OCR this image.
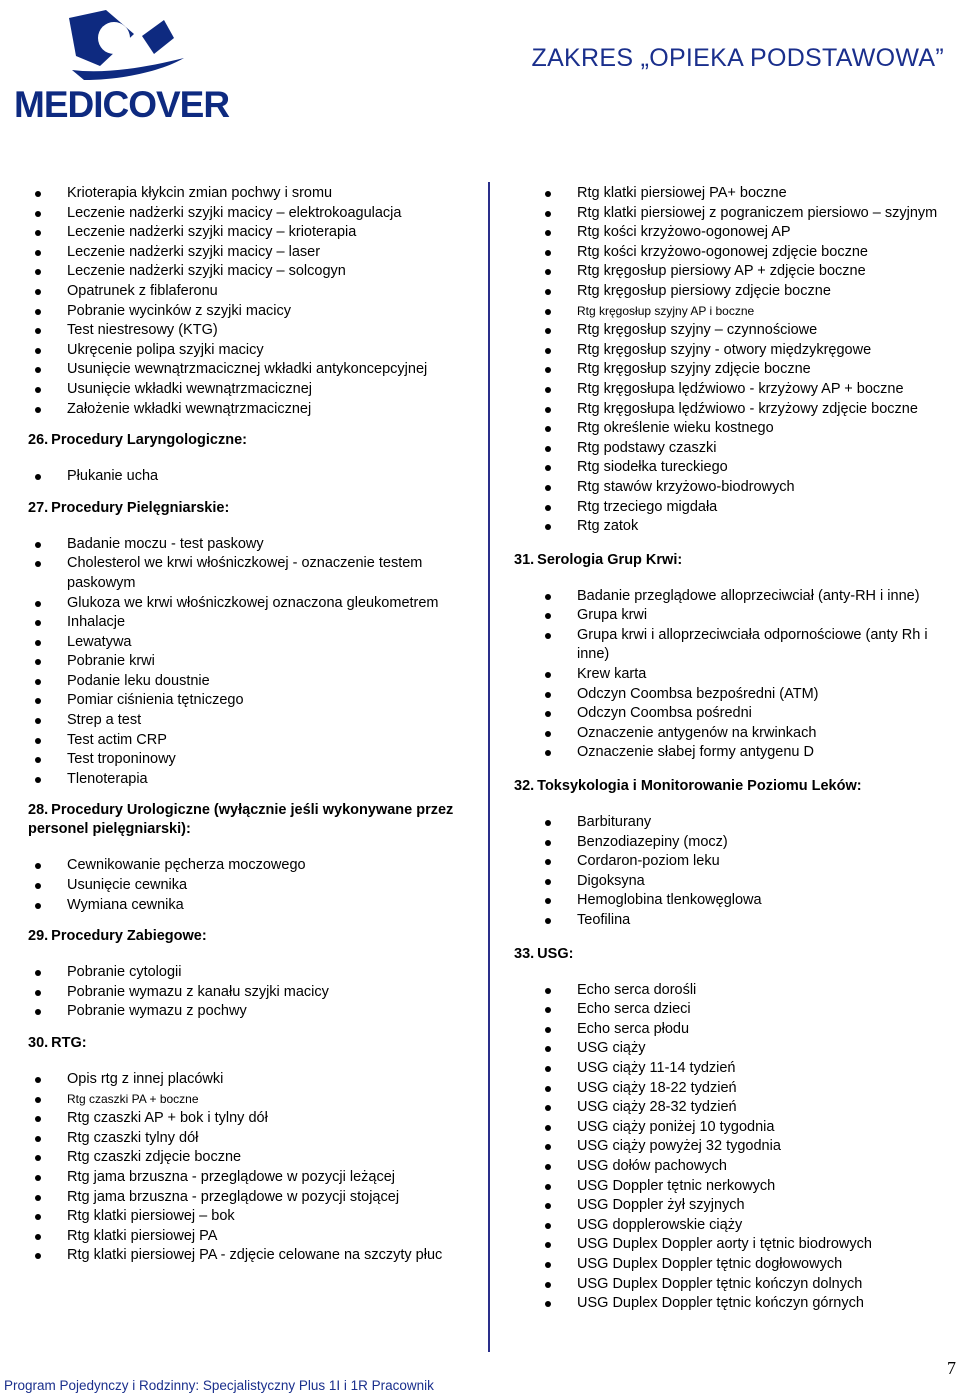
MEDICOVER
ZAKRES „OPIEKA PODSTAWOWA”
Krioterapia kłykcin zmian pochwy i sromu
Leczenie nadżerki szyjki macicy – elektrokoagulacja
Leczenie nadżerki szyjki macicy – krioterapia
Leczenie nadżerki szyjki macicy – laser
Leczenie nadżerki szyjki macicy – solcogyn
Opatrunek z fiblaferonu
Pobranie wycinków z szyjki macicy
Test niestresowy (KTG)
Ukręcenie polipa szyjki macicy
Usunięcie wewnątrzmacicznej wkładki antykoncepcyjnej
Usunięcie wkładki wewnątrzmacicznej
Założenie wkładki wewnątrzmacicznej
26. Procedury Laryngologiczne:
Płukanie ucha
27. Procedury Pielęgniarskie:
Badanie moczu - test paskowy
Cholesterol we krwi włośniczkowej - oznaczenie testem paskowym
Glukoza we krwi włośniczkowej oznaczona gleukometrem
Inhalacje
Lewatywa
Pobranie krwi
Podanie leku doustnie
Pomiar ciśnienia tętniczego
Strep a test
Test actim CRP
Test troponinowy
Tlenoterapia
28. Procedury Urologiczne (wyłącznie jeśli wykonywane przez personel pielęgniarski):
Cewnikowanie pęcherza moczowego
Usunięcie cewnika
Wymiana cewnika
29. Procedury Zabiegowe:
Pobranie cytologii
Pobranie wymazu z kanału szyjki macicy
Pobranie wymazu z pochwy
30. RTG:
Opis rtg z innej placówki
Rtg czaszki PA + boczne
Rtg czaszki AP + bok i tylny dół
Rtg czaszki tylny dół
Rtg czaszki zdjęcie boczne
Rtg jama brzuszna - przeglądowe w pozycji leżącej
Rtg jama brzuszna - przeglądowe w pozycji stojącej
Rtg klatki piersiowej – bok
Rtg klatki piersiowej PA
Rtg klatki piersiowej PA - zdjęcie celowane na szczyty płuc
Rtg klatki piersiowej PA+ boczne
Rtg klatki piersiowej z pograniczem piersiowo – szyjnym
Rtg kości krzyżowo-ogonowej AP
Rtg kości krzyżowo-ogonowej zdjęcie boczne
Rtg kręgosłup piersiowy AP + zdjęcie boczne
Rtg kręgosłup piersiowy zdjęcie boczne
Rtg kręgosłup szyjny AP i boczne
Rtg kręgosłup szyjny – czynnościowe
Rtg kręgosłup szyjny - otwory międzykręgowe
Rtg kręgosłup szyjny zdjęcie boczne
Rtg kręgosłupa lędźwiowo - krzyżowy AP + boczne
Rtg kręgosłupa lędźwiowo - krzyżowy zdjęcie boczne
Rtg określenie wieku kostnego
Rtg podstawy czaszki
Rtg siodełka tureckiego
Rtg stawów krzyżowo-biodrowych
Rtg trzeciego migdała
Rtg zatok
31. Serologia Grup Krwi:
Badanie przeglądowe alloprzeciwciał (anty-RH i inne)
Grupa krwi
Grupa krwi i alloprzeciwciała odpornościowe (anty Rh i inne)
Krew karta
Odczyn Coombsa bezpośredni (ATM)
Odczyn Coombsa pośredni
Oznaczenie antygenów na krwinkach
Oznaczenie słabej formy antygenu D
32. Toksykologia i Monitorowanie Poziomu Leków:
Barbiturany
Benzodiazepiny (mocz)
Cordaron-poziom leku
Digoksyna
Hemoglobina tlenkowęglowa
Teofilina
33. USG:
Echo serca dorośli
Echo serca dzieci
Echo serca płodu
USG ciąży
USG ciąży 11-14 tydzień
USG ciąży 18-22 tydzień
USG ciąży 28-32 tydzień
USG ciąży poniżej 10 tygodnia
USG ciąży powyżej 32 tygodnia
USG dołów pachowych
USG Doppler tętnic nerkowych
USG Doppler żył szyjnych
USG dopplerowskie ciąży
USG Duplex Doppler aorty i tętnic biodrowych
USG Duplex Doppler tętnic dogłowowych
USG Duplex Doppler tętnic kończyn dolnych
USG Duplex Doppler tętnic kończyn górnych
Program Pojedynczy i Rodzinny: Specjalistyczny Plus 1I i 1R Pracownik
7
